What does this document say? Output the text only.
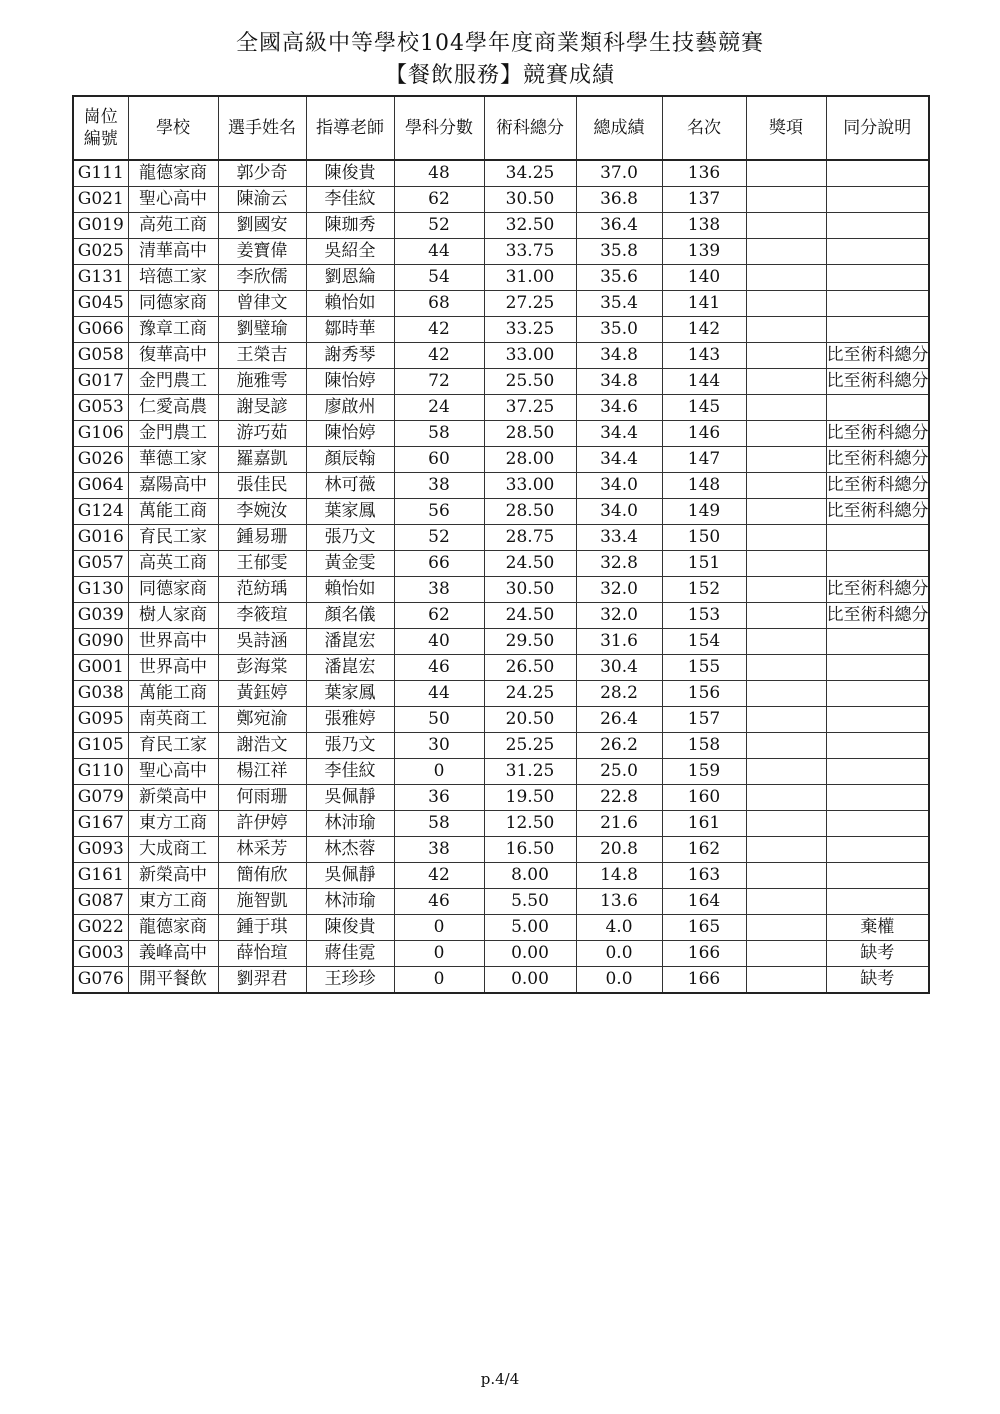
全國高級中等學校104學年度商業類科學生技藝競賽
【餐飲服務】競賽成績
崗位
編號	學校	選手姓名	指導老師	學科分數	術科總分	總成績	名次	獎項	同分說明
G111	龍德家商	郭少奇	陳俊貴	48	34.25	37.0	136		
G021	聖心高中	陳渝云	李佳紋	62	30.50	36.8	137		
G019	高苑工商	劉國安	陳珈秀	52	32.50	36.4	138		
G025	清華高中	姜寶偉	吳紹全	44	33.75	35.8	139		
G131	培德工家	李欣儒	劉恩綸	54	31.00	35.6	140		
G045	同德家商	曾律文	賴怡如	68	27.25	35.4	141		
G066	豫章工商	劉璧瑜	鄒時華	42	33.25	35.0	142		
G058	復華高中	王榮吉	謝秀琴	42	33.00	34.8	143		比至術科總分
G017	金門農工	施雅雩	陳怡婷	72	25.50	34.8	144		比至術科總分
G053	仁愛高農	謝旻諺	廖啟州	24	37.25	34.6	145		
G106	金門農工	游巧茹	陳怡婷	58	28.50	34.4	146		比至術科總分
G026	華德工家	羅嘉凱	顏辰翰	60	28.00	34.4	147		比至術科總分
G064	嘉陽高中	張佳民	林可薇	38	33.00	34.0	148		比至術科總分
G124	萬能工商	李婉汝	葉家鳳	56	28.50	34.0	149		比至術科總分
G016	育民工家	鍾易珊	張乃文	52	28.75	33.4	150		
G057	高英工商	王郁雯	黃金雯	66	24.50	32.8	151		
G130	同德家商	范紡瑀	賴怡如	38	30.50	32.0	152		比至術科總分
G039	樹人家商	李筱瑄	顏名儀	62	24.50	32.0	153		比至術科總分
G090	世界高中	吳詩涵	潘崑宏	40	29.50	31.6	154		
G001	世界高中	彭海棠	潘崑宏	46	26.50	30.4	155		
G038	萬能工商	黃鈺婷	葉家鳳	44	24.25	28.2	156		
G095	南英商工	鄭宛渝	張雅婷	50	20.50	26.4	157		
G105	育民工家	謝浩文	張乃文	30	25.25	26.2	158		
G110	聖心高中	楊江祥	李佳紋	0	31.25	25.0	159		
G079	新榮高中	何雨珊	吳佩靜	36	19.50	22.8	160		
G167	東方工商	許伊婷	林沛瑜	58	12.50	21.6	161		
G093	大成商工	林采芳	林杰蓉	38	16.50	20.8	162		
G161	新榮高中	簡侑欣	吳佩靜	42	8.00	14.8	163		
G087	東方工商	施智凱	林沛瑜	46	5.50	13.6	164		
G022	龍德家商	鍾于琪	陳俊貴	0	5.00	4.0	165		棄權
G003	義峰高中	薛怡瑄	蔣佳霓	0	0.00	0.0	166		缺考
G076	開平餐飲	劉羿君	王珍珍	0	0.00	0.0	166		缺考
p.4/4
